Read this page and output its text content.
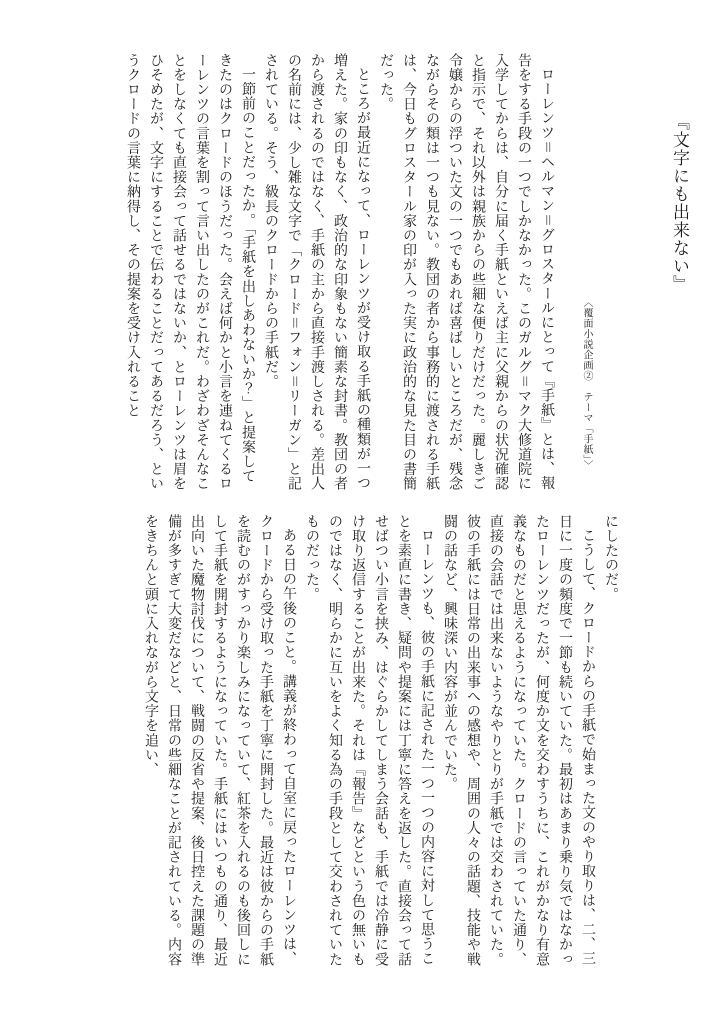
『文字にも出来ない』

〈覆面小説企画②　テーマ「手紙」〉

ローレンツ＝ヘルマン＝グロスタールにとって『手紙』とは、報告をする手段の一つでしかなかった。このガルグ＝マク大修道院に入学してからは、自分に届く手紙といえば主に父親からの状況確認と指示で、それ以外は親族からの些細な便りだけだった。麗しきご令嬢からの浮ついた文の一つでもあれば喜ばしいところだが、残念ながらその類は一つも見ない。教団の者から事務的に渡される手紙は、今日もグロスタール家の印が入った実に政治的な見た目の書簡だった。

ところが最近になって、ローレンツが受け取る手紙の種類が一つ増えた。家の印もなく、政治的な印象もない簡素な封書。教団の者から渡されるのではなく、手紙の主から直接手渡しされる。差出人の名前には、少し雑な文字で「クロード＝フォン＝リーガン」と記されている。そう、級長のクロードからの手紙だ。

一節前のことだったか。「手紙を出しあわないか？」と提案してきたのはクロードのほうだった。会えば何かと小言を連ねてくるローレンツの言葉を割って言い出したのがこれだ。わざわざそんなことをしなくても直接会って話せるではないか、とローレンツは眉をひそめたが、文字にすることで伝わることだってあるだろう、というクロードの言葉に納得し、その提案を受け入れること

にしたのだ。

こうして、クロードからの手紙で始まった文のやり取りは、二、三日に一度の頻度で一節も続いていた。最初はあまり乗り気ではなかったローレンツだったが、何度か文を交わすうちに、これがかなり有意義なものだと思えるようになっていた。クロードの言っていた通り、直接の会話では出来ないようなやりとりが手紙では交わされていた。彼の手紙には日常の出来事への感想や、周囲の人々の話題、技能や戦闘の話など、興味深い内容が並んでいた。

ローレンツも、彼の手紙に記された一つ一つの内容に対して思うことを素直に書き、疑問や提案には丁寧に答えを返した。直接会って話せばつい小言を挟み、はぐらかしてしまう会話も、手紙では冷静に受け取り返信することが出来た。それは『報告』などという色の無いものではなく、明らかに互いをよく知る為の手段として交わされていたものだった。

ある日の午後のこと。講義が終わって自室に戻ったローレンツは、クロードから受け取った手紙を丁寧に開封した。最近は彼からの手紙を読むのがすっかり楽しみになっていて、紅茶を入れるのも後回しにして手紙を開封するようになっていた。手紙にはいつもの通り、最近出向いた魔物討伐について、戦闘の反省や提案、後日控えた課題の準備が多すぎて大変だなどと、日常の些細なことが記されている。内容をきちんと頭に入れながら文字を追い、
